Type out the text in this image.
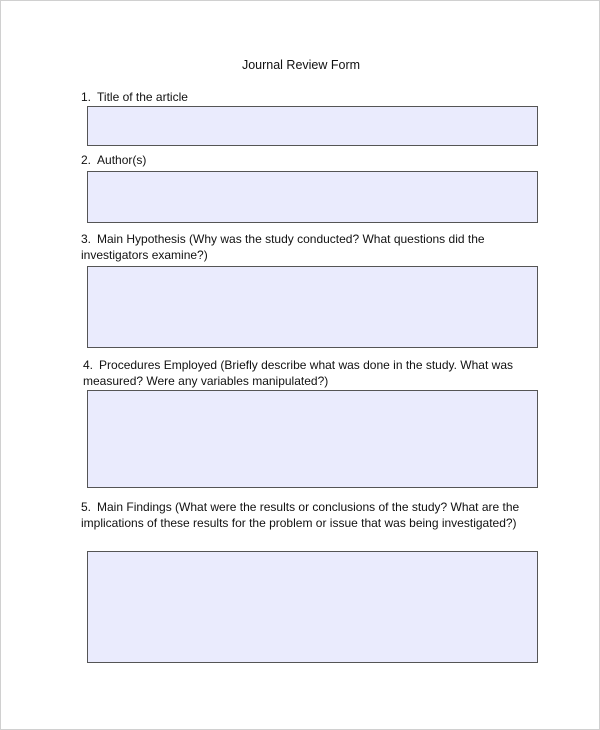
Journal Review Form
1. Title of the article
2. Author(s)
3. Main Hypothesis (Why was the study conducted? What questions did the investigators examine?)
4. Procedures Employed (Briefly describe what was done in the study. What was measured? Were any variables manipulated?)
5. Main Findings (What were the results or conclusions of the study? What are the implications of these results for the problem or issue that was being investigated?)
